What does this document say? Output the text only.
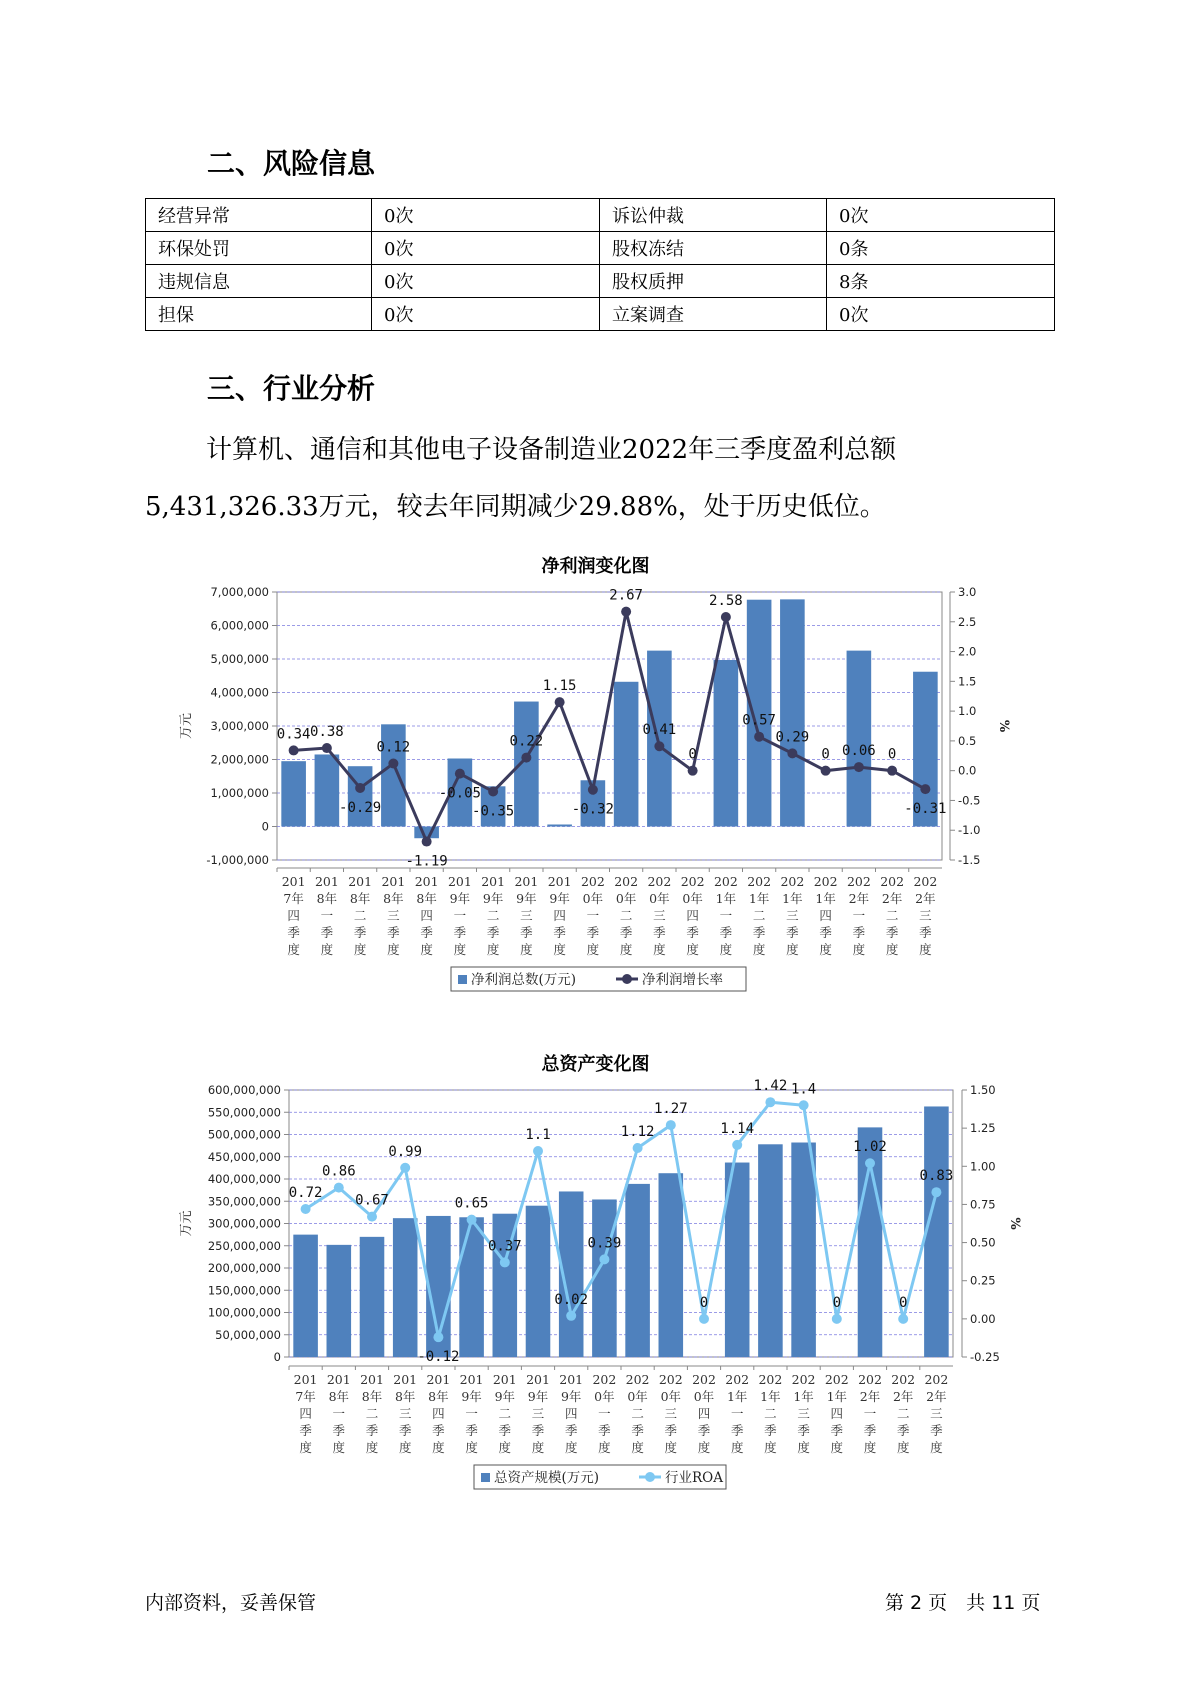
二、风险信息
经营异常	0次	诉讼仲裁	0次
环保处罚	0次	股权冻结	0条
违规信息	0次	股权质押	8条
担保	0次	立案调查	0次
三、行业分析

计算机、通信和其他电子设备制造业2022年三季度盈利总额
5,431,326.33万元，较去年同期减少29.88%，处于历史低位。

净利润变化图
-1,000,000
0
1,000,000
2,000,000
3,000,000
4,000,000
5,000,000
6,000,000
7,000,000
-1.5
-1.0
-0.5
0.0
0.5
1.0
1.5
2.0
2.5
3.0
万元	%
0.34 0.38
-0.29
0.12
-1.19
-0.05
-0.35
0.22
1.15
-0.32
2.67
0.41
0
2.58
0.57
0.29
0 0.06 0
-0.31
201 7年四季度
201 8年一季度
201 8年二季度
201 8年三季度
201 8年四季度
201 9年一季度
201 9年二季度
201 9年三季度
201 9年四季度
202 0年一季度
202 0年二季度
202 0年三季度
202 0年四季度
202 1年一季度
202 1年二季度
202 1年三季度
202 1年四季度
202 2年一季度
202 2年二季度
202 2年三季度
净利润总数(万元)	净利润增长率
总资产变化图
0
50,000,000
100,000,000
150,000,000
200,000,000
250,000,000
300,000,000
350,000,000
400,000,000
450,000,000
500,000,000
550,000,000
600,000,000
-0.25
0.00
0.25
0.50
0.75
1.00
1.25
1.50
万元	%
0.72
0.86
0.67
0.99
-0.12
0.65
0.37
1.1
0.02
0.39
1.12
1.27
0
1.14
1.42 1.4
0
1.02
0
0.83
201 7年四季度
201 8年一季度
201 8年二季度
201 8年三季度
201 8年四季度
201 9年一季度
201 9年二季度
201 9年三季度
201 9年四季度
202 0年一季度
202 0年二季度
202 0年三季度
202 0年四季度
202 1年一季度
202 1年二季度
202 1年三季度
202 1年四季度
202 2年一季度
202 2年二季度
202 2年三季度
总资产规模(万元)	行业ROA
内部资料，妥善保管	第 2 页　共 11 页
